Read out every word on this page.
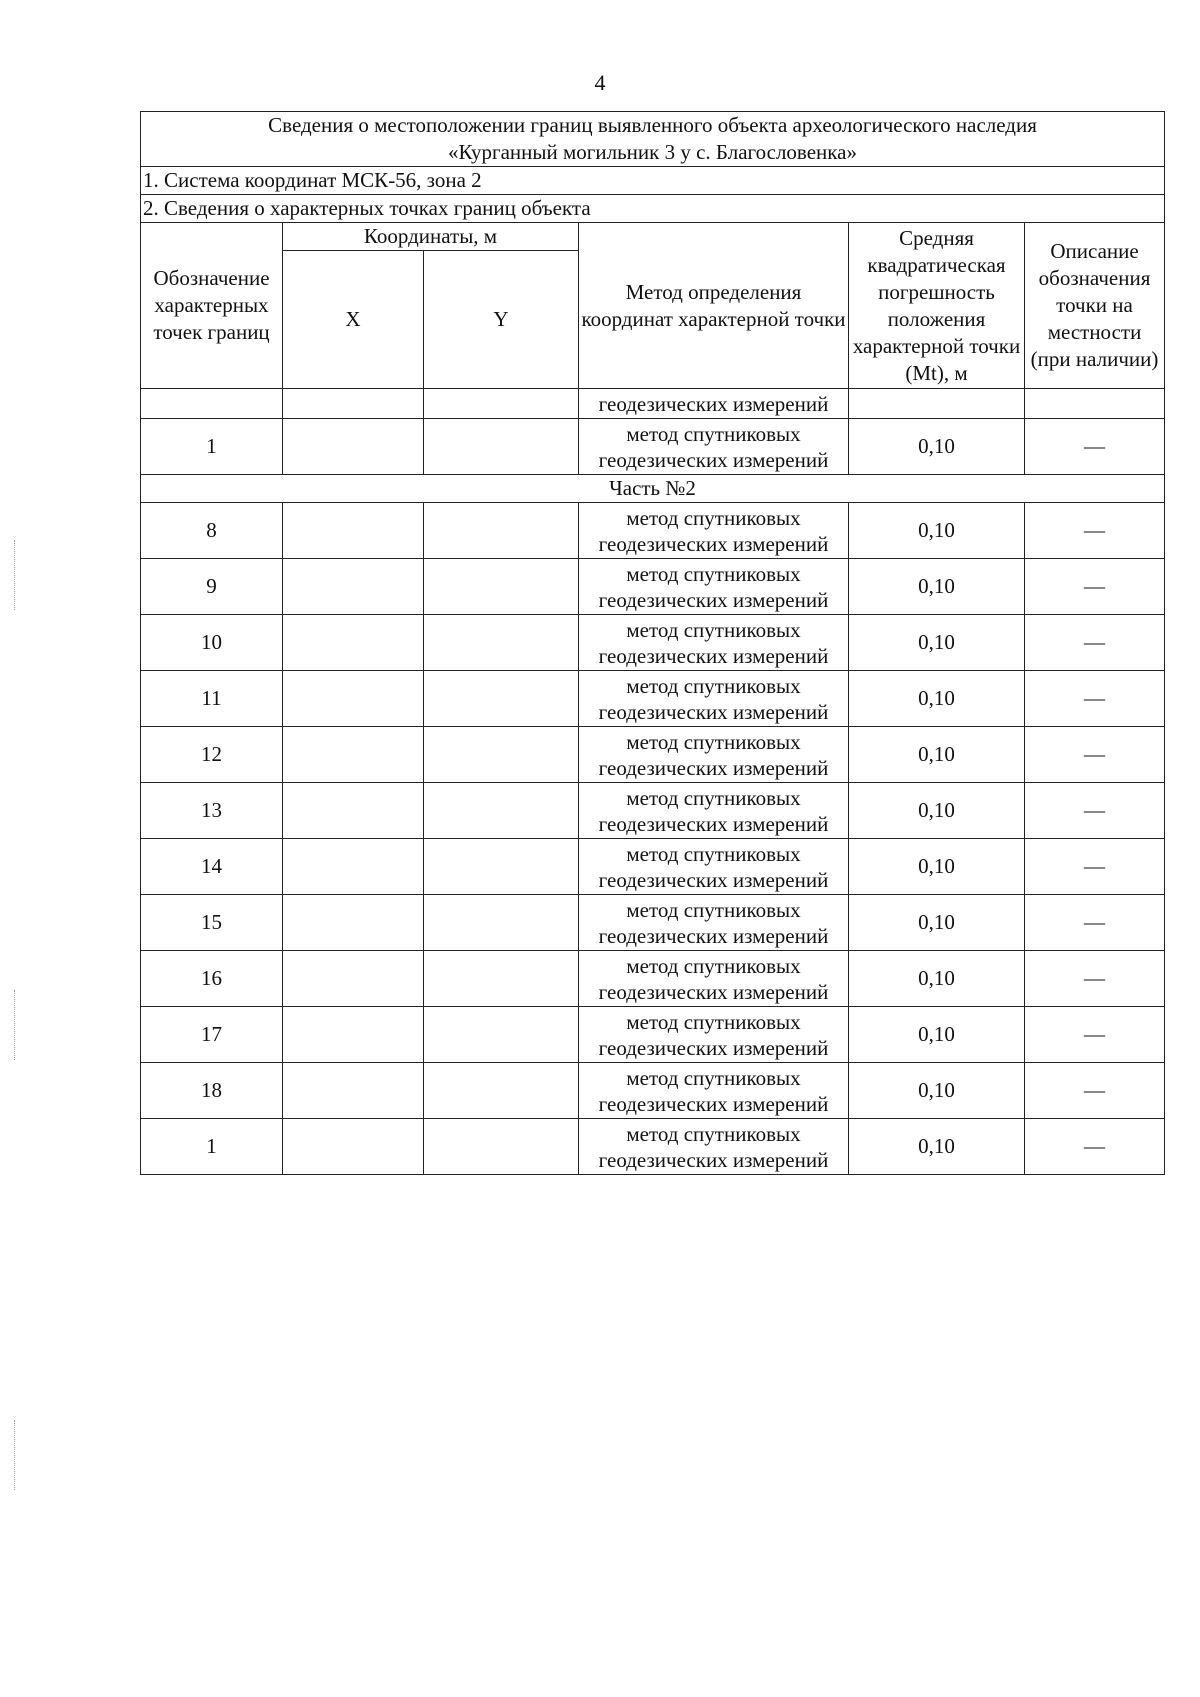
4
Сведения о местоположении границ выявленного объекта археологического наследия
«Курганный могильник 3 у с. Благословенка»					

1. Система координат МСК-56, зона 2					
2. Сведения о характерных точках границ объекта					
Обозначение характерных точек границ	Координаты, м		Метод определения координат характерной точки	Средняя квадратическая погрешность положения характерной точки (Mt), м	Описание обозначения точки на местности (при наличии)
	X	Y			
			геодезических измерений		
1			метод спутниковых
геодезических измерений	0,10	—
Часть №2					
8			метод спутниковых
геодезических измерений	0,10	—
9			метод спутниковых
геодезических измерений	0,10	—
10			метод спутниковых
геодезических измерений	0,10	—
11			метод спутниковых
геодезических измерений	0,10	—
12			метод спутниковых
геодезических измерений	0,10	—
13			метод спутниковых
геодезических измерений	0,10	—
14			метод спутниковых
геодезических измерений	0,10	—
15			метод спутниковых
геодезических измерений	0,10	—
16			метод спутниковых
геодезических измерений	0,10	—
17			метод спутниковых
геодезических измерений	0,10	—
18			метод спутниковых
геодезических измерений	0,10	—
1			метод спутниковых
геодезических измерений	0,10	—
